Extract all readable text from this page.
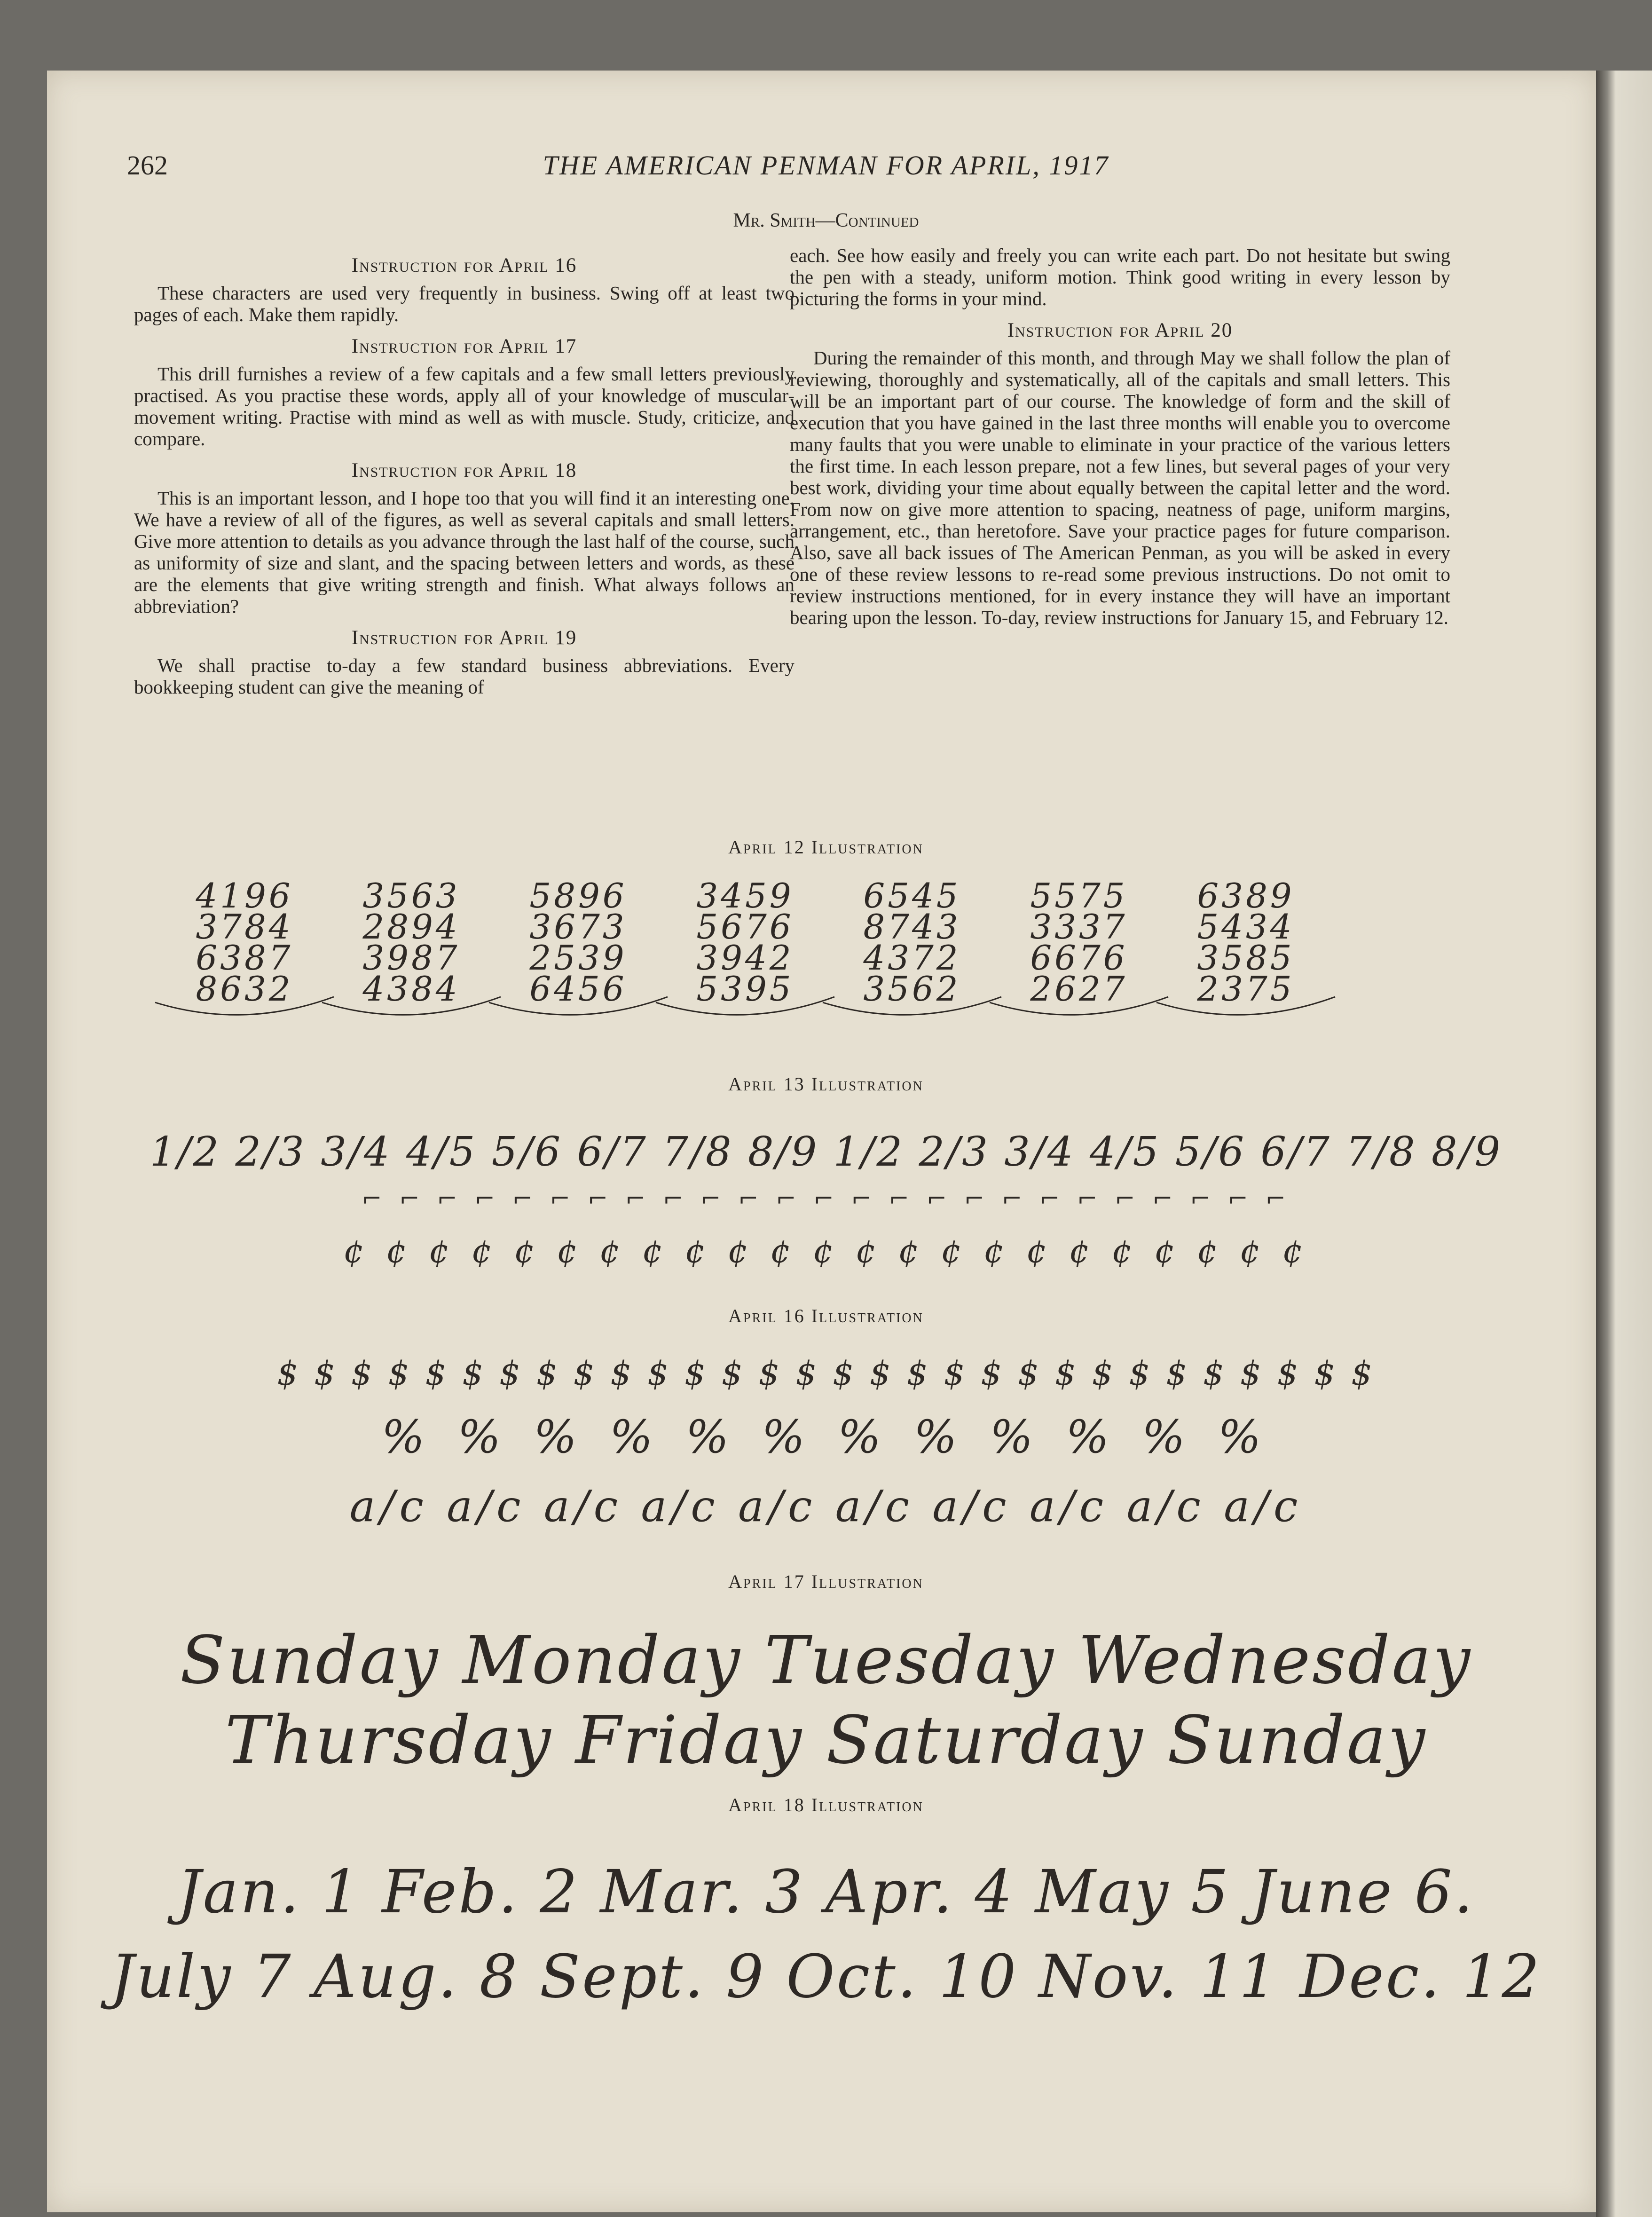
262	THE AMERICAN PENMAN FOR APRIL, 1917
Mr. Smith—Continued
Instruction for April 16

These characters are used very frequently in business. Swing off at least two pages of each. Make them rapidly.

Instruction for April 17

This drill furnishes a review of a few capitals and a few small letters previously practised. As you practise these words, apply all of your knowledge of muscular-movement writing. Practise with mind as well as with muscle. Study, criticize, and compare.

Instruction for April 18

This is an important lesson, and I hope too that you will find it an interesting one. We have a review of all of the figures, as well as several capitals and small letters. Give more attention to details as you advance through the last half of the course, such as uniformity of size and slant, and the spacing between letters and words, as these are the elements that give writing strength and finish. What always follows an abbreviation?

Instruction for April 19

We shall practise to-day a few standard business abbreviations. Every bookkeeping student can give the meaning of

each. See how easily and freely you can write each part. Do not hesitate but swing the pen with a steady, uniform motion. Think good writing in every lesson by picturing the forms in your mind.

Instruction for April 20

During the remainder of this month, and through May we shall follow the plan of reviewing, thoroughly and systematically, all of the capitals and small letters. This will be an important part of our course. The knowledge of form and the skill of execution that you have gained in the last three months will enable you to overcome many faults that you were unable to eliminate in your practice of the various letters the first time. In each lesson prepare, not a few lines, but several pages of your very best work, dividing your time about equally between the capital letter and the word. From now on give more attention to spacing, neatness of page, uniform margins, arrangement, etc., than heretofore. Save your practice pages for future comparison. Also, save all back issues of The American Penman, as you will be asked in every one of these review lessons to re-read some previous instructions. Do not omit to review instructions mentioned, for in every instance they will have an important bearing upon the lesson. To-day, review instructions for January 15, and February 12.

April 12 Illustration
4196
3784
6387
8632
3563
2894
3987
4384
5896
3673
2539
6456
3459
5676
3942
5395
6545
8743
4372
3562
5575
3337
6676
2627
6389
5434
3585
2375
April 13 Illustration
1/2 2/3 3/4 4/5 5/6 6/7 7/8 8/9 1/2 2/3 3/4 4/5 5/6 6/7 7/8 8/9
⌐ ⌐ ⌐ ⌐ ⌐ ⌐ ⌐ ⌐ ⌐ ⌐ ⌐ ⌐ ⌐ ⌐ ⌐ ⌐ ⌐ ⌐ ⌐ ⌐ ⌐ ⌐ ⌐ ⌐ ⌐
¢ ¢ ¢ ¢ ¢ ¢ ¢ ¢ ¢ ¢ ¢ ¢ ¢ ¢ ¢ ¢ ¢ ¢ ¢ ¢ ¢ ¢ ¢
April 16 Illustration
$ $ $ $ $ $ $ $ $ $ $ $ $ $ $ $ $ $ $ $ $ $ $ $ $ $ $ $ $ $
% % % % % % % % % % % %
a/c a/c a/c a/c a/c a/c a/c a/c a/c a/c
April 17 Illustration
Sunday Monday Tuesday Wednesday
Thursday Friday Saturday Sunday
April 18 Illustration
Jan. 1 Feb. 2 Mar. 3 Apr. 4 May 5 June 6.
July 7 Aug. 8 Sept. 9 Oct. 10 Nov. 11 Dec. 12
